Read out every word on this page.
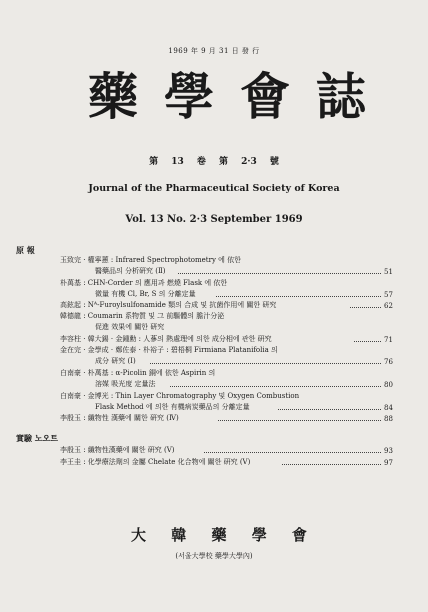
1969 年 9 月 31 日 發 行
藥學會誌
第 13 卷 第 2·3 號
Journal of the Pharmaceutical Society of Korea
Vol. 13 No. 2·3 September 1969
原 報
玉致完 · 權寧蕙 : Infrared Spectrophotometry 에 依한
醫藥品의 分析硏究 (Ⅱ)	51
朴萬基 : CHN-Corder 의 應用과 燃燒 Flask 에 依한
微量 有機 Cl, Br, S 의 分離定量	57
高鉉起 : Nᴬ-Furoylsulfonamide 類의 合成 및 抗菌作用에 關한 硏究	62
韓德龍 : Coumarin 系物質 및 그 前驅體의 膽汁分泌
促進 效果에 關한 硏究
李容柱 · 韓大錫 · 金鍾勳 : 人蔘의 熱處理에 의한 成分相에 관한 硏究	71
金在完 · 金學成 · 鄭佐泰 · 朴裕子 : 碧梧桐 Firmiana Platanifolia 의
成分 硏究 (Ⅰ)	76
白南豪 · 朴萬基 : α-Picolin 銅에 依한 Aspirin 의
溶媒 吸光度 定量法	80
白南豪 · 金博光 : Thin Layer Chromatography 및 Oxygen Combustion
Flask Method 에 의한 有機病炭藥品의 分離定量	84
李殷玉 : 纖物性 漢藥에 關한 硏究 (Ⅳ)	88
實驗 노오트
李殷玉 : 纖物性漢藥에 關한 硏究 (Ⅴ)	93
李王圭 : 化學療法劑의 金屬 Chelate 化合物에 關한 硏究 (Ⅴ)	97
大 韓 藥 學 會
(서울大學校 藥學大學內)
